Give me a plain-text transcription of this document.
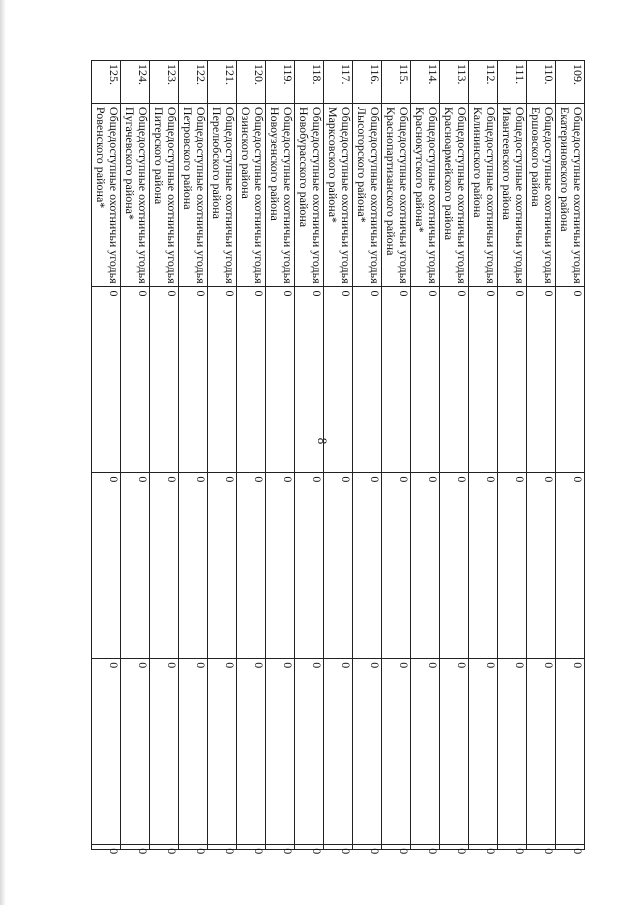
8
109.	Общедоступные охотничьи угодья
Екатериновского района	0	0	0	0
110.	Общедоступные охотничьи угодья
Ершовского района	0	0	0	0
111.	Общедоступные охотничьи угодья
Ивантеевского района	0	0	0	0
112.	Общедоступные охотничьи угодья
Калининского района	0	0	0	0
113.	Общедоступные охотничьи угодья
Красноармейского района	0	0	0	0
114.	Общедоступные охотничьи угодья
Краснокутского района*	0	0	0	0
115.	Общедоступные охотничьи угодья
Краснопартизанского района	0	0	0	0
116.	Общедоступные охотничьи угодья
Лысогорского района*	0	0	0	0
117.	Общедоступные охотничьи угодья
Марксовского района*	0	0	0	0
118.	Общедоступные охотничьи угодья
Новобурасского района	0	0	0	0
119.	Общедоступные охотничьи угодья
Новоузенского района	0	0	0	0
120.	Общедоступные охотничьи угодья
Озинского района	0	0	0	0
121.	Общедоступные охотничьи угодья
Перелюбского района	0	0	0	0
122.	Общедоступные охотничьи угодья
Петровского района	0	0	0	0
123.	Общедоступные охотничьи угодья
Питерского района	0	0	0	0
124.	Общедоступные охотничьи угодья
Пугачевского района*	0	0	0	0
125.	Общедоступные охотничьи угодья
Ровенского района*	0	0	0	0
